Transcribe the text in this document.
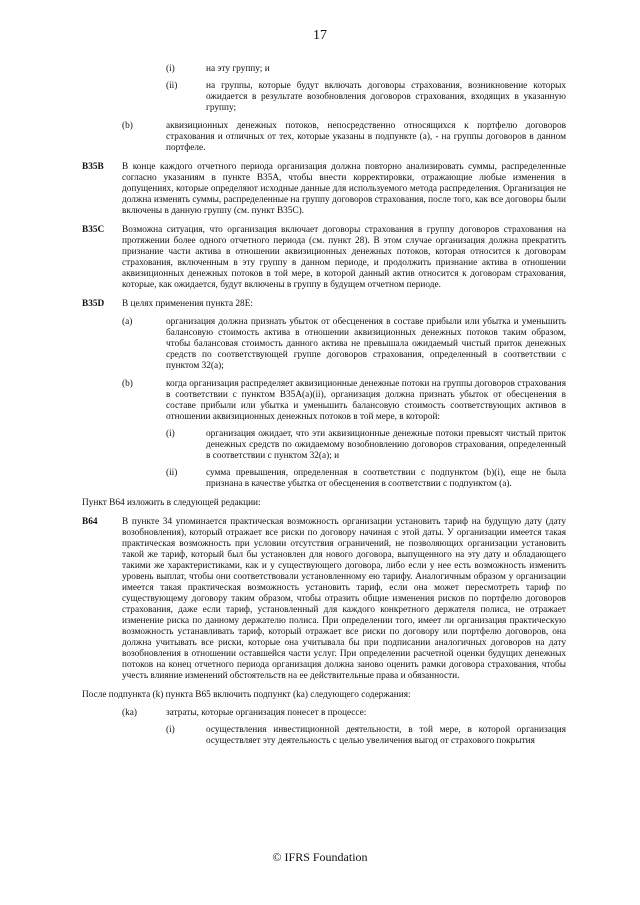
17
(i)	на эту группу; и
(ii)	на группы, которые будут включать договоры страхования, возникновение которых ожидается в результате возобновления договоров страхования, входящих в указанную группу;
(b)	аквизиционных денежных потоков, непосредственно относящихся к портфелю договоров страхования и отличных от тех, которые указаны в подпункте (а), - на группы договоров в данном портфеле.
B35B	В конце каждого отчетного периода организация должна повторно анализировать суммы, распределенные согласно указаниям в пункте B35A, чтобы внести корректировки, отражающие любые изменения в допущениях, которые определяют исходные данные для используемого метода распределения. Организация не должна изменять суммы, распределенные на группу договоров страхования, после того, как все договоры были включены в данную группу (см. пункт B35C).
B35C	Возможна ситуация, что организация включает договоры страхования в группу договоров страхования на протяжении более одного отчетного периода (см. пункт 28). В этом случае организация должна прекратить признание части актива в отношении аквизиционных денежных потоков, которая относится к договорам страхования, включенным в эту группу в данном периоде, и продолжить признание актива в отношении аквизиционных денежных потоков в той мере, в которой данный актив относится к договорам страхования, которые, как ожидается, будут включены в группу в будущем отчетном периоде.
B35D	В целях применения пункта 28E:
(a)	организация должна признать убыток от обесценения в составе прибыли или убытка и уменьшить балансовую стоимость актива в отношении аквизиционных денежных потоков таким образом, чтобы балансовая стоимость данного актива не превышала ожидаемый чистый приток денежных средств по соответствующей группе договоров страхования, определенный в соответствии с пунктом 32(а);
(b)	когда организация распределяет аквизиционные денежные потоки на группы договоров страхования в соответствии с пунктом B35A(a)(ii), организация должна признать убыток от обесценения в составе прибыли или убытка и уменьшить балансовую стоимость соответствующих активов в отношении аквизиционных денежных потоков в той мере, в которой:
(i)	организация ожидает, что эти аквизиционные денежные потоки превысят чистый приток денежных средств по ожидаемому возобновлению договоров страхования, определенный в соответствии с пунктом 32(а); и
(ii)	сумма превышения, определенная в соответствии с подпунктом (b)(i), еще не была признана в качестве убытка от обесценения в соответствии с подпунктом (а).
Пункт B64 изложить в следующей редакции:
B64	В пункте 34 упоминается практическая возможность организации установить тариф на будущую дату (дату возобновления), который отражает все риски по договору начиная с этой даты. У организации имеется такая практическая возможность при условии отсутствия ограничений, не позволяющих организации установить такой же тариф, который был бы установлен для нового договора, выпущенного на эту дату и обладающего такими же характеристиками, как и у существующего договора, либо если у нее есть возможность изменить уровень выплат, чтобы они соответствовали установленному ею тарифу. Аналогичным образом у организации имеется такая практическая возможность установить тариф, если она может пересмотреть тариф по существующему договору таким образом, чтобы отразить общие изменения рисков по портфелю договоров страхования, даже если тариф, установленный для каждого конкретного держателя полиса, не отражает изменение риска по данному держателю полиса. При определении того, имеет ли организация практическую возможность устанавливать тариф, который отражает все риски по договору или портфелю договоров, она должна учитывать все риски, которые она учитывала бы при подписании аналогичных договоров на дату возобновления в отношении оставшейся части услуг. При определении расчетной оценки будущих денежных потоков на конец отчетного периода организация должна заново оценить рамки договора страхования, чтобы учесть влияние изменений обстоятельств на ее действительные права и обязанности.
После подпункта (k) пункта B65 включить подпункт (ka) следующего содержания:
(ka)	затраты, которые организация понесет в процессе:
(i)	осуществления инвестиционной деятельности, в той мере, в которой организация осуществляет эту деятельность с целью увеличения выгод от страхового покрытия
© IFRS Foundation
